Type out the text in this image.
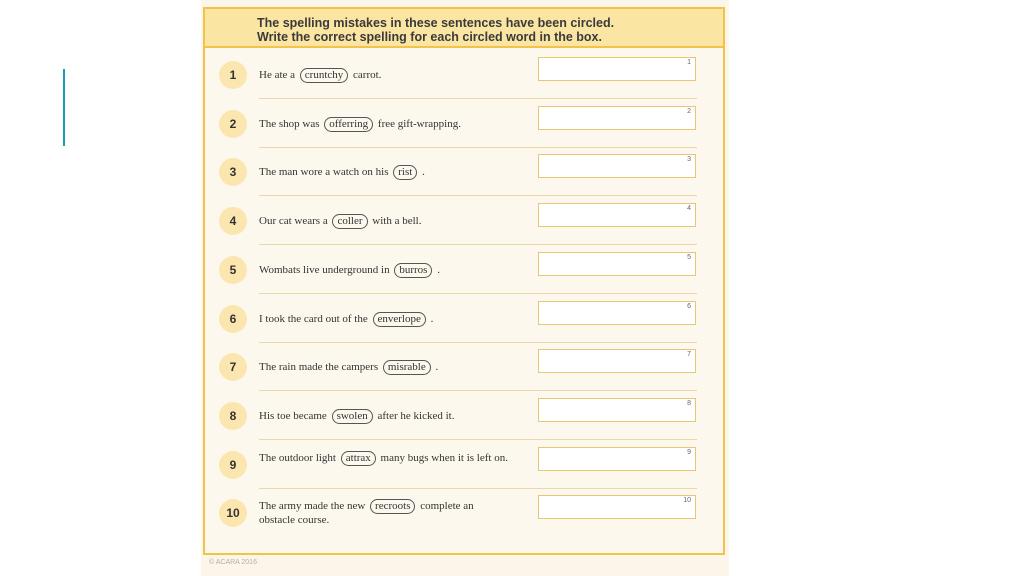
The spelling mistakes in these sentences have been circled.
Write the correct spelling for each circled word in the box.
1	He ate a cruntchy carrot.
1
2	The shop was offerring free gift-wrapping.
2
3	The man wore a watch on his rist .
3
4	Our cat wears a coller with a bell.
4
5	Wombats live underground in burros .
5
6	I took the card out of the enverlope .
6
7	The rain made the campers misrable .
7
8	His toe became swolen after he kicked it.
8
9	The outdoor light attrax many bugs when it is left on.	9
10	The army made the new recroots complete an obstacle course.
10
© ACARA 2016
